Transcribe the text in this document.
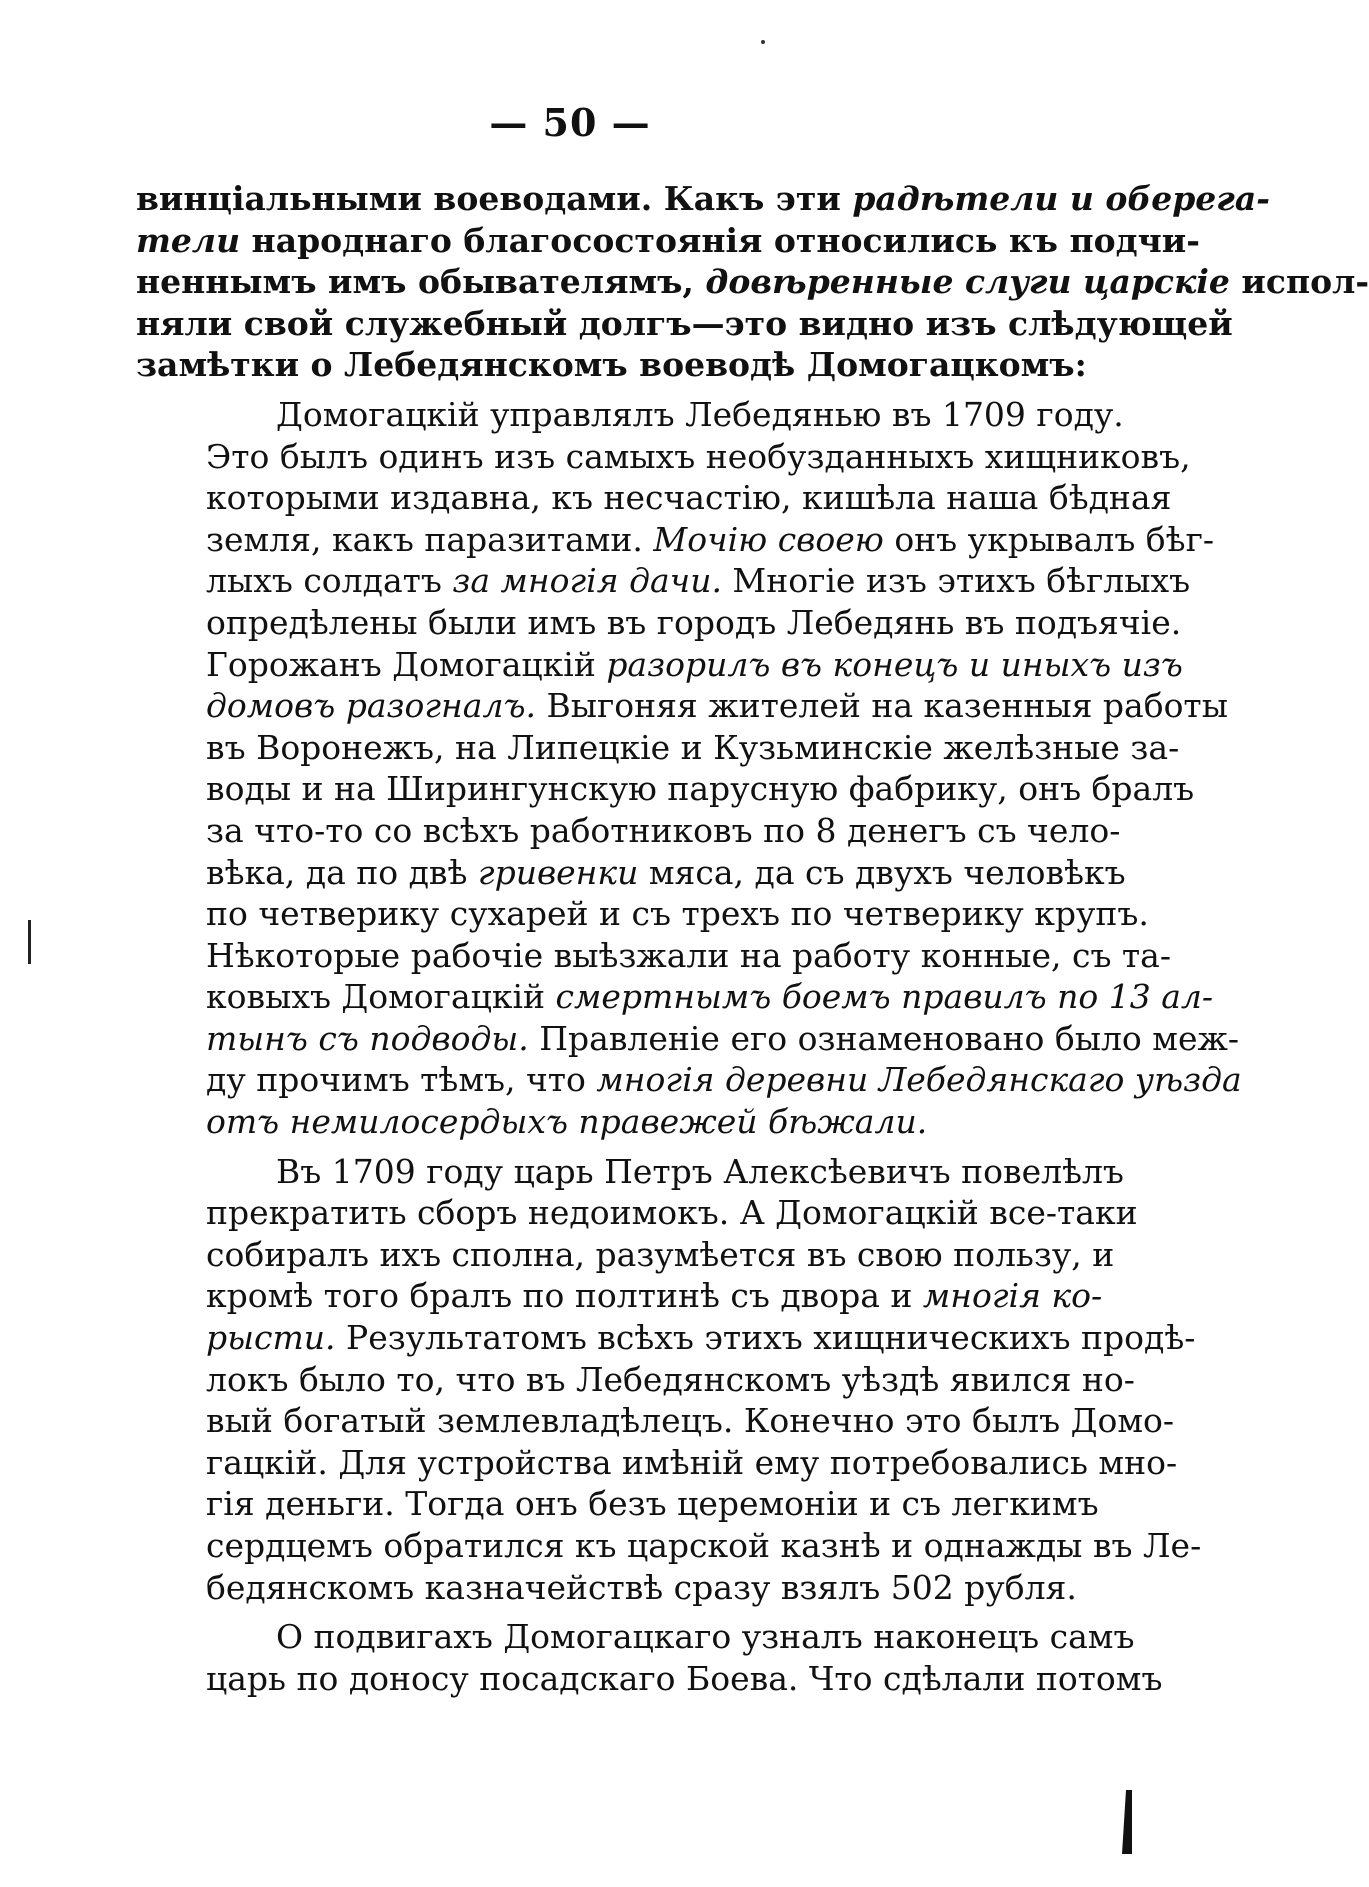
— 50 —
винціальными воеводами. Какъ эти радѣтели и оберега-
тели народнаго благосостоянія относились къ подчи-
неннымъ имъ обывателямъ, довѣренные слуги царскіе испол-
няли свой служебный долгъ—это видно изъ слѣдующей
замѣтки о Лебедянскомъ воеводѣ Домогацкомъ:
Домогацкій управлялъ Лебедянью въ 1709 году.
Это былъ одинъ изъ самыхъ необузданныхъ хищниковъ,
которыми издавна, къ несчастію, кишѣла наша бѣдная
земля, какъ паразитами. Мочію своею онъ укрывалъ бѣг-
лыхъ солдатъ за многія дачи. Многіе изъ этихъ бѣглыхъ
опредѣлены были имъ въ городъ Лебедянь въ подъячіе.
Горожанъ Домогацкій разорилъ въ конецъ и иныхъ изъ
домовъ разогналъ. Выгоняя жителей на казенныя работы
въ Воронежъ, на Липецкіе и Кузьминскіе желѣзные за-
воды и на Ширингунскую парусную фабрику, онъ бралъ
за что-то со всѣхъ работниковъ по 8 денегъ съ чело-
вѣка, да по двѣ гривенки мяса, да съ двухъ человѣкъ
по четверику сухарей и съ трехъ по четверику крупъ.
Нѣкоторые рабочіе выѣзжали на работу конные, съ та-
ковыхъ Домогацкій смертнымъ боемъ правилъ по 13 ал-
тынъ съ подводы. Правленіе его ознаменовано было меж-
ду прочимъ тѣмъ, что многія деревни Лебедянскаго уѣзда
отъ немилосердыхъ правежей бѣжали.
Въ 1709 году царь Петръ Алексѣевичъ повелѣлъ
прекратить сборъ недоимокъ. А Домогацкій все-таки
собиралъ ихъ сполна, разумѣется въ свою пользу, и
кромѣ того бралъ по полтинѣ съ двора и многія ко-
рысти. Результатомъ всѣхъ этихъ хищническихъ продѣ-
локъ было то, что въ Лебедянскомъ уѣздѣ явился но-
вый богатый землевладѣлецъ. Конечно это былъ Домо-
гацкій. Для устройства имѣній ему потребовались мно-
гія деньги. Тогда онъ безъ церемоніи и съ легкимъ
сердцемъ обратился къ царской казнѣ и однажды въ Ле-
бедянскомъ казначействѣ сразу взялъ 502 рубля.
О подвигахъ Домогацкаго узналъ наконецъ самъ
царь по доносу посадскаго Боева. Что сдѣлали потомъ
